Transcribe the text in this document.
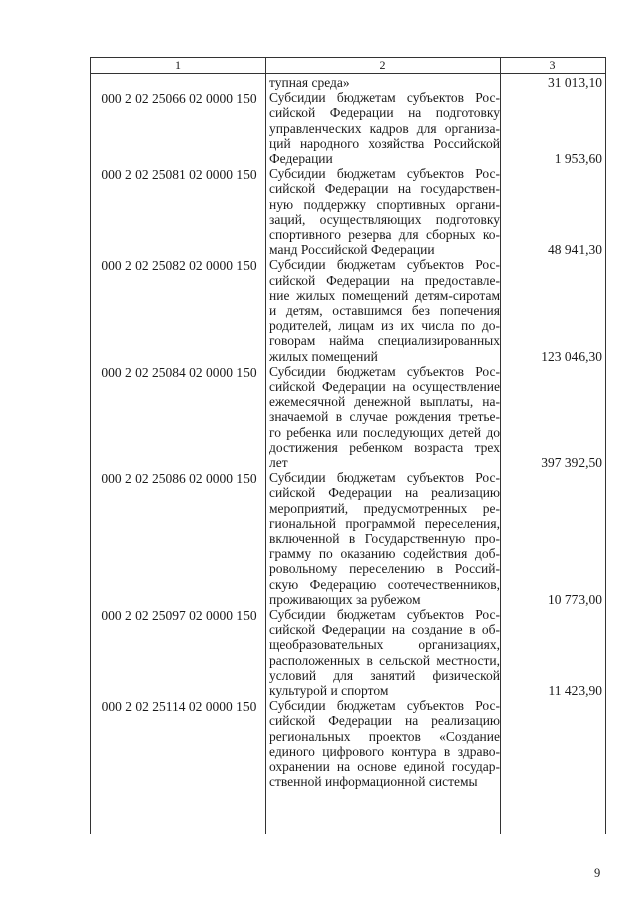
1	2	3
тупная среда»	31 013,10
000 2 02 25066 02 0000 150 Субсидии бюджетам субъектов Рос-
сийской Федерации на подготовку
управленческих кадров для организа-
ций народного хозяйства Российской
Федерации	1 953,60
000 2 02 25081 02 0000 150 Субсидии бюджетам субъектов Рос-
сийской Федерации на государствен-
ную поддержку спортивных органи-
заций, осуществляющих подготовку
спортивного резерва для сборных ко-
манд Российской Федерации	48 941,30
000 2 02 25082 02 0000 150 Субсидии бюджетам субъектов Рос-
сийской Федерации на предоставле-
ние жилых помещений детям-сиротам
и детям, оставшимся без попечения
родителей, лицам из их числа по до-
говорам найма специализированных
жилых помещений	123 046,30
000 2 02 25084 02 0000 150 Субсидии бюджетам субъектов Рос-
сийской Федерации на осуществление
ежемесячной денежной выплаты, на-
значаемой в случае рождения третье-
го ребенка или последующих детей до
достижения ребенком возраста трех
лет	397 392,50
000 2 02 25086 02 0000 150 Субсидии бюджетам субъектов Рос-
сийской Федерации на реализацию
мероприятий, предусмотренных ре-
гиональной программой переселения,
включенной в Государственную про-
грамму по оказанию содействия доб-
ровольному переселению в Россий-
скую Федерацию соотечественников,
проживающих за рубежом	10 773,00
000 2 02 25097 02 0000 150 Субсидии бюджетам субъектов Рос-
сийской Федерации на создание в об-
щеобразовательных организациях,
расположенных в сельской местности,
условий для занятий физической
культурой и спортом	11 423,90
000 2 02 25114 02 0000 150 Субсидии бюджетам субъектов Рос-
сийской Федерации на реализацию
региональных проектов «Создание
единого цифрового контура в здраво-
охранении на основе единой государ-
ственной информационной системы
9
